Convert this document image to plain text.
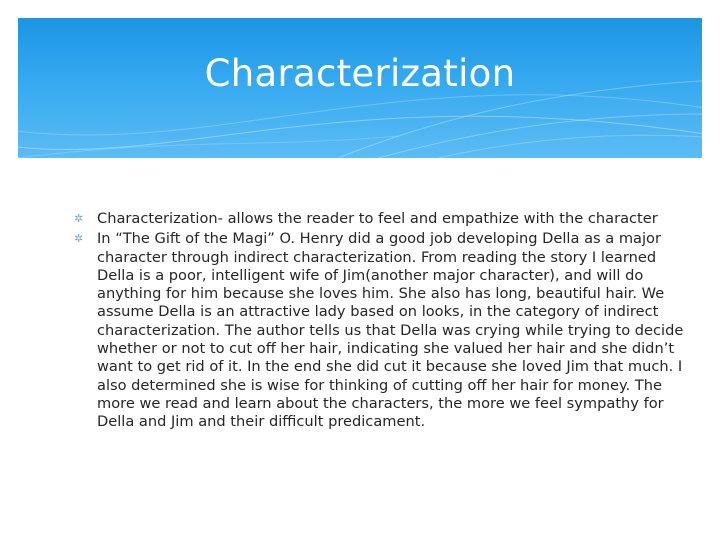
Characterization
✲ Characterization- allows the reader to feel and empathize with the character
✲ In “The Gift of the Magi” O. Henry did a good job developing Della as a major character through indirect characterization. From reading the story I learned Della is a poor, intelligent wife of Jim(another major character), and will do anything for him because she loves him. She also has long, beautiful hair. We assume Della is an attractive lady based on looks, in the category of indirect characterization. The author tells us that Della was crying while trying to decide whether or not to cut off her hair, indicating she valued her hair and she didn’t want to get rid of it. In the end she did cut it because she loved Jim that much. I also determined she is wise for thinking of cutting off her hair for money. The more we read and learn about the characters, the more we feel sympathy for Della and Jim and their difficult predicament.
